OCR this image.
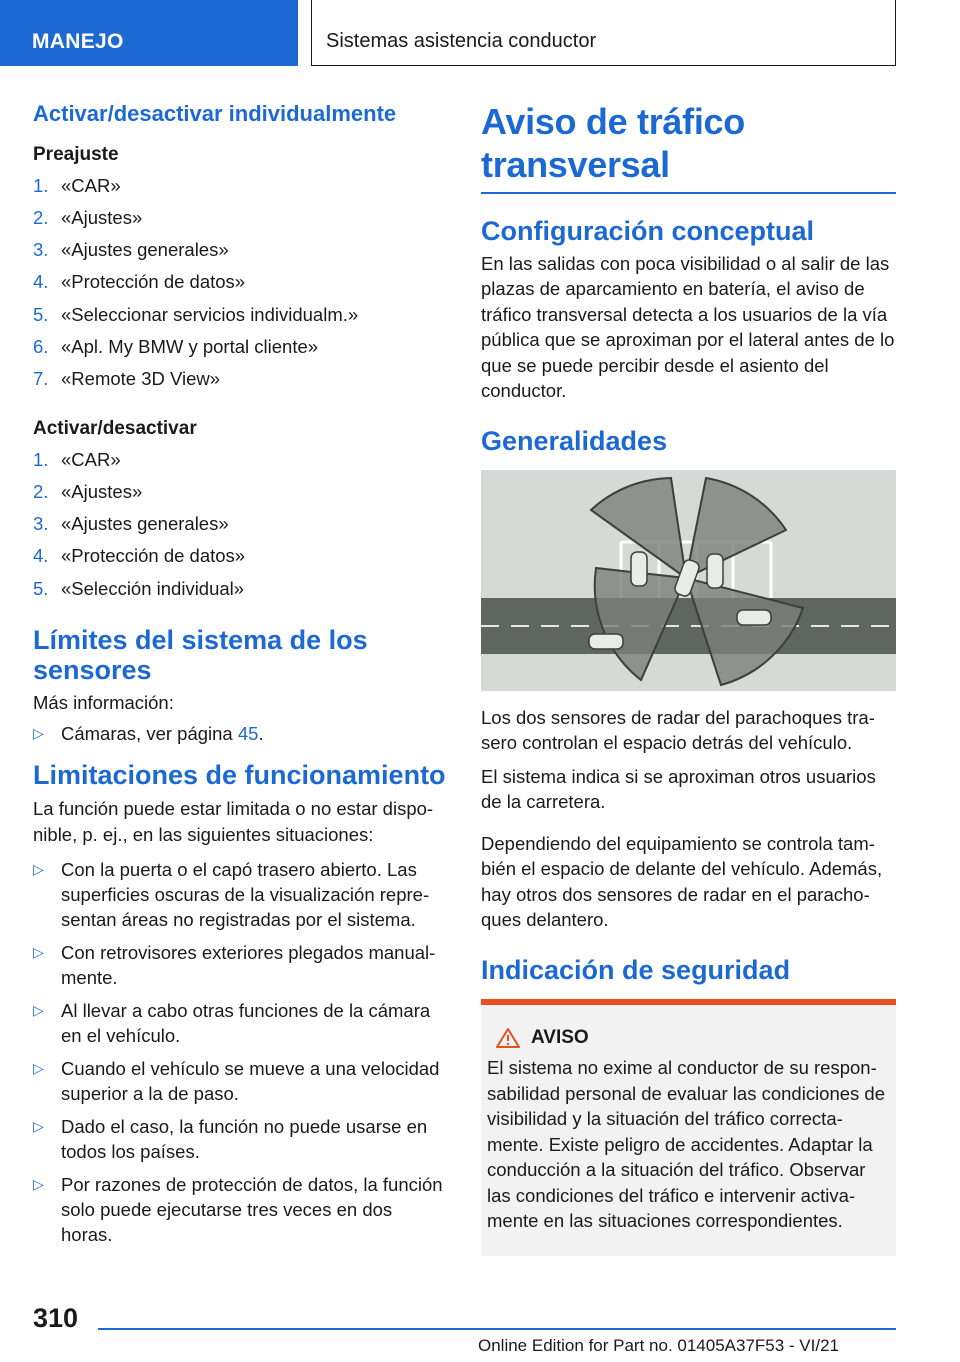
MANEJO	Sistemas asistencia conductor
Activar/desactivar individualmente
Preajuste
1. «CAR»
2. «Ajustes»
3. «Ajustes generales»
4. «Protección de datos»
5. «Seleccionar servicios individualm.»
6. «Apl. My BMW y portal cliente»
7. «Remote 3D View»
Activar/desactivar
1. «CAR»
2. «Ajustes»
3. «Ajustes generales»
4. «Protección de datos»
5. «Selección individual»
Límites del sistema de los sensores

Más información:

▷ Cámaras, ver página 45.
Limitaciones de funcionamiento

La función puede estar limitada o no estar disponible, p. ej., en las siguientes situaciones:

▷ Con la puerta o el capó trasero abierto. Las superficies oscuras de la visualización representan áreas no registradas por el sistema.
▷ Con retrovisores exteriores plegados manualmente.
▷ Al llevar a cabo otras funciones de la cámara en el vehículo.
▷ Cuando el vehículo se mueve a una velocidad superior a la de paso.
▷ Dado el caso, la función no puede usarse en todos los países.
▷ Por razones de protección de datos, la función solo puede ejecutarse tres veces en dos horas.
Aviso de tráfico transversal
Configuración conceptual

En las salidas con poca visibilidad o al salir de las plazas de aparcamiento en batería, el aviso de tráfico transversal detecta a los usuarios de la vía pública que se aproximan por el lateral antes de lo que se puede percibir desde el asiento del conductor.

Generalidades

Los dos sensores de radar del parachoques trasero controlan el espacio detrás del vehículo.

El sistema indica si se aproximan otros usuarios de la carretera.

Dependiendo del equipamiento se controla también el espacio de delante del vehículo. Además, hay otros dos sensores de radar en el parachoques delantero.

Indicación de seguridad
AVISO

El sistema no exime al conductor de su responsabilidad personal de evaluar las condiciones de visibilidad y la situación del tráfico correctamente. Existe peligro de accidentes. Adaptar la conducción a la situación del tráfico. Observar las condiciones del tráfico e intervenir activamente en las situaciones correspondientes.

310
Online Edition for Part no. 01405A37F53 - VI/21
